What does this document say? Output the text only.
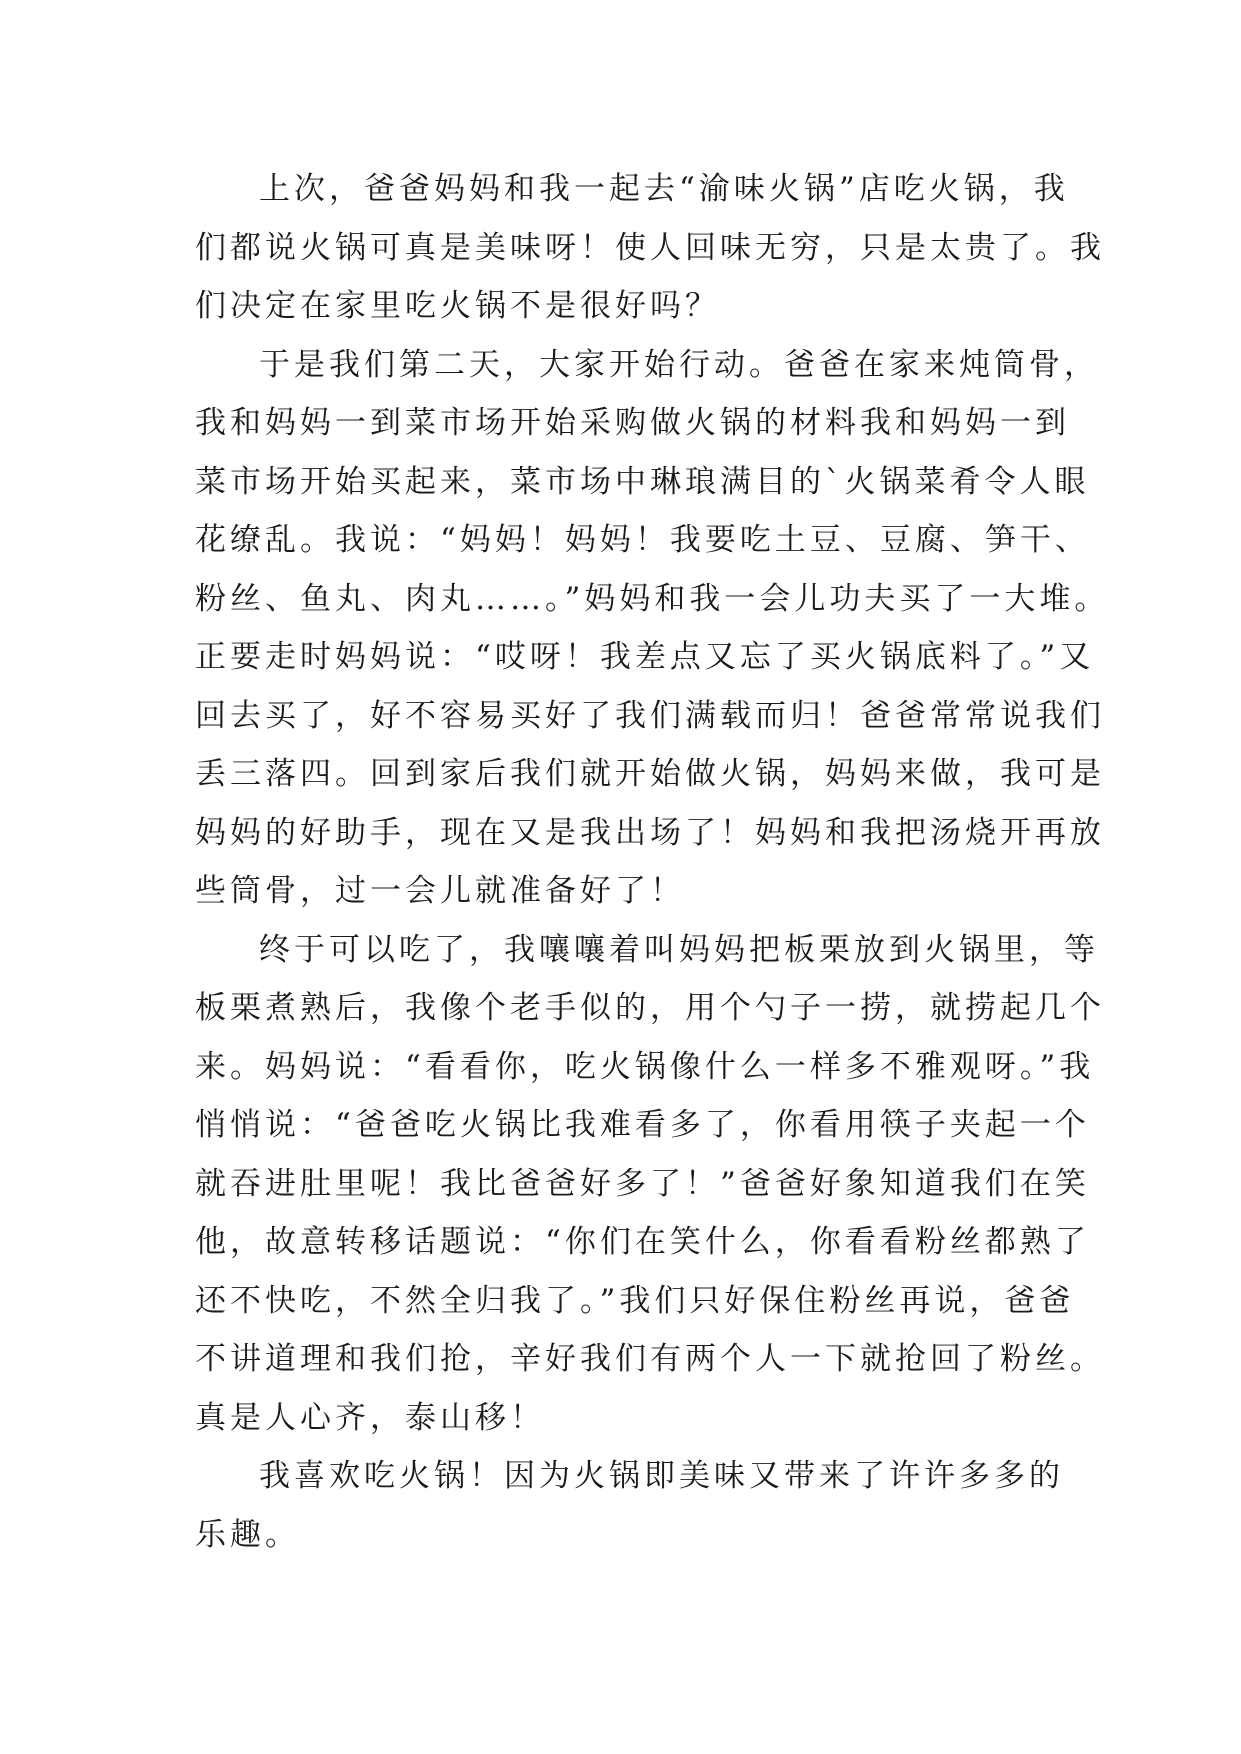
上次，爸爸妈妈和我一起去“渝味火锅”店吃火锅，我
们都说火锅可真是美味呀！使人回味无穷，只是太贵了。我
们决定在家里吃火锅不是很好吗？
于是我们第二天，大家开始行动。爸爸在家来炖筒骨，
我和妈妈一到菜市场开始采购做火锅的材料我和妈妈一到
菜市场开始买起来，菜市场中琳琅满目的`火锅菜肴令人眼
花缭乱。我说：“妈妈！妈妈！我要吃土豆、豆腐、笋干、
粉丝、鱼丸、肉丸……。”妈妈和我一会儿功夫买了一大堆。
正要走时妈妈说：“哎呀！我差点又忘了买火锅底料了。”又
回去买了，好不容易买好了我们满载而归！爸爸常常说我们
丢三落四。回到家后我们就开始做火锅，妈妈来做，我可是
妈妈的好助手，现在又是我出场了！妈妈和我把汤烧开再放
些筒骨，过一会儿就准备好了！
终于可以吃了，我嚷嚷着叫妈妈把板栗放到火锅里，等
板栗煮熟后，我像个老手似的，用个勺子一捞，就捞起几个
来。妈妈说：“看看你，吃火锅像什么一样多不雅观呀。”我
悄悄说：“爸爸吃火锅比我难看多了，你看用筷子夹起一个
就吞进肚里呢！我比爸爸好多了！”爸爸好象知道我们在笑
他，故意转移话题说：“你们在笑什么，你看看粉丝都熟了
还不快吃，不然全归我了。”我们只好保住粉丝再说，爸爸
不讲道理和我们抢，辛好我们有两个人一下就抢回了粉丝。
真是人心齐，泰山移！
我喜欢吃火锅！因为火锅即美味又带来了许许多多的
乐趣。
